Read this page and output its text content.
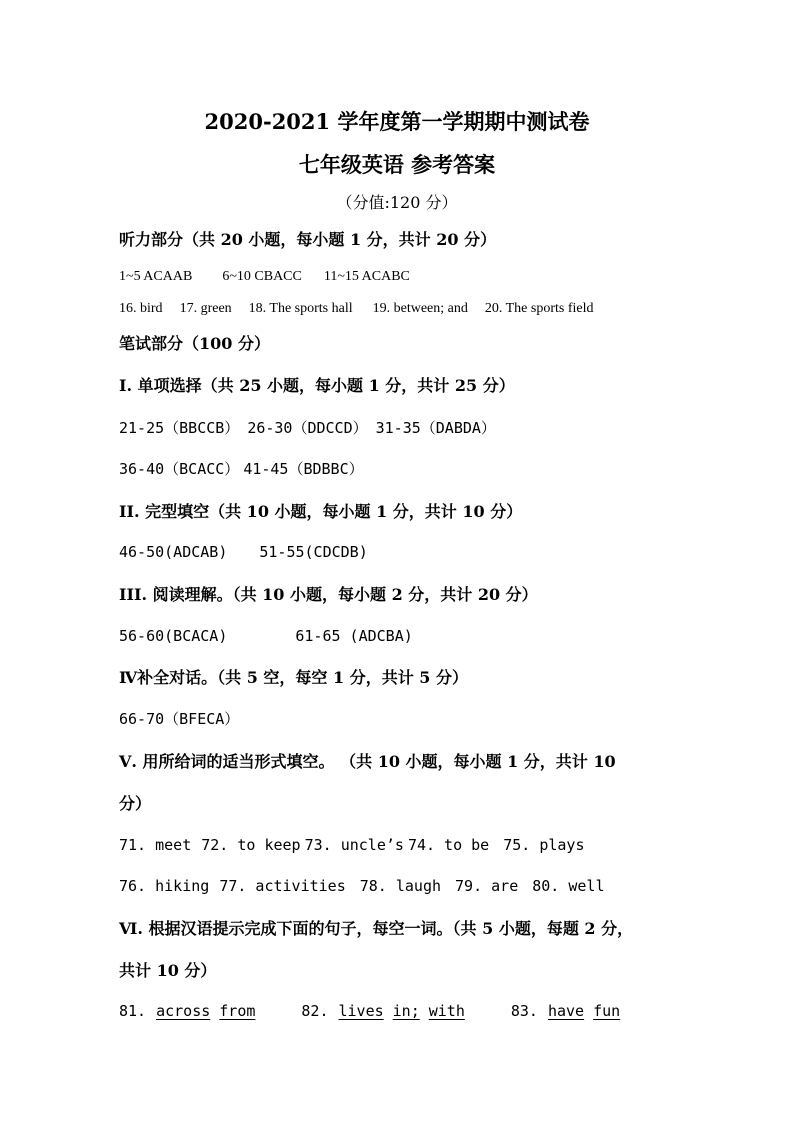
2020-2021 学年度第一学期期中测试卷
七年级英语 参考答案
（分值:120 分）
听力部分（共 20 小题，每小题 1 分，共计 20 分）
1~5 ACAAB 6~10 CBACC 11~15 ACABC
16. bird 17. green 18. The sports hall 19. between; and 20. The sports field
笔试部分（100 分）
I. 单项选择（共 25 小题，每小题 1 分，共计 25 分）
21-25（BBCCB） 26-30（DDCCD） 31-35（DABDA）
36-40（BCACC） 41-45（BDBBC）
II. 完型填空（共 10 小题，每小题 1 分，共计 10 分）
46-50(ADCAB) 51-55(CDCDB)
III. 阅读理解。（共 10 小题，每小题 2 分，共计 20 分）
56-60(BCACA)	61-65 (ADCBA)
Ⅳ补全对话。（共 5 空，每空 1 分，共计 5 分）
66-70（BFECA）
Ⅴ. 用所给词的适当形式填空。 （共 10 小题，每小题 1 分，共计 10
分）
71. meet 72. to keep 73. uncle’s 74. to be 75. plays
76. hiking 77. activities 78. laugh 79. are 80. well
Ⅵ. 根据汉语提示完成下面的句子，每空一词。（共 5 小题，每题 2 分，
共计 10 分）
81. across from	82. lives in; with	83. have fun
